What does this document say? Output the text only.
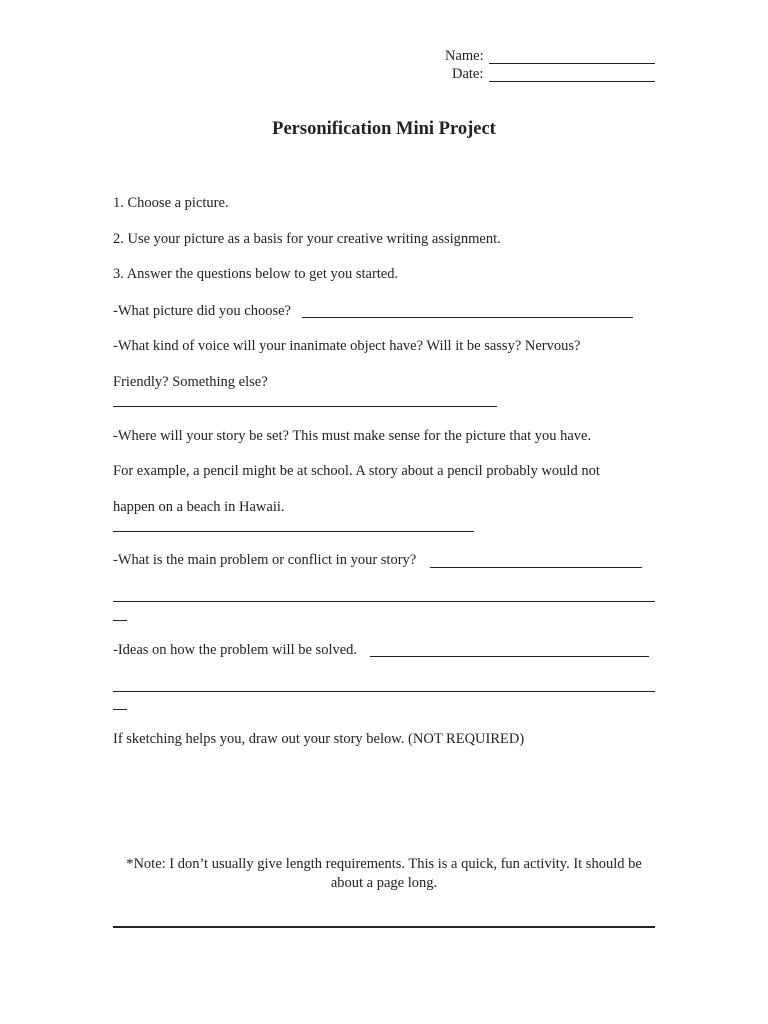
Name:

Date:

Personification Mini Project

1. Choose a picture.

2. Use your picture as a basis for your creative writing assignment.

3. Answer the questions below to get you started.

-What picture did you choose?

-What kind of voice will your inanimate object have? Will it be sassy? Nervous?

Friendly? Something else?

-Where will your story be set? This must make sense for the picture that you have.

For example, a pencil might be at school. A story about a pencil probably would not

happen on a beach in Hawaii.

-What is the main problem or conflict in your story?

-Ideas on how the problem will be solved.

If sketching helps you, draw out your story below. (NOT REQUIRED)

*Note: I don’t usually give length requirements. This is a quick, fun activity. It should be
about a page long.
